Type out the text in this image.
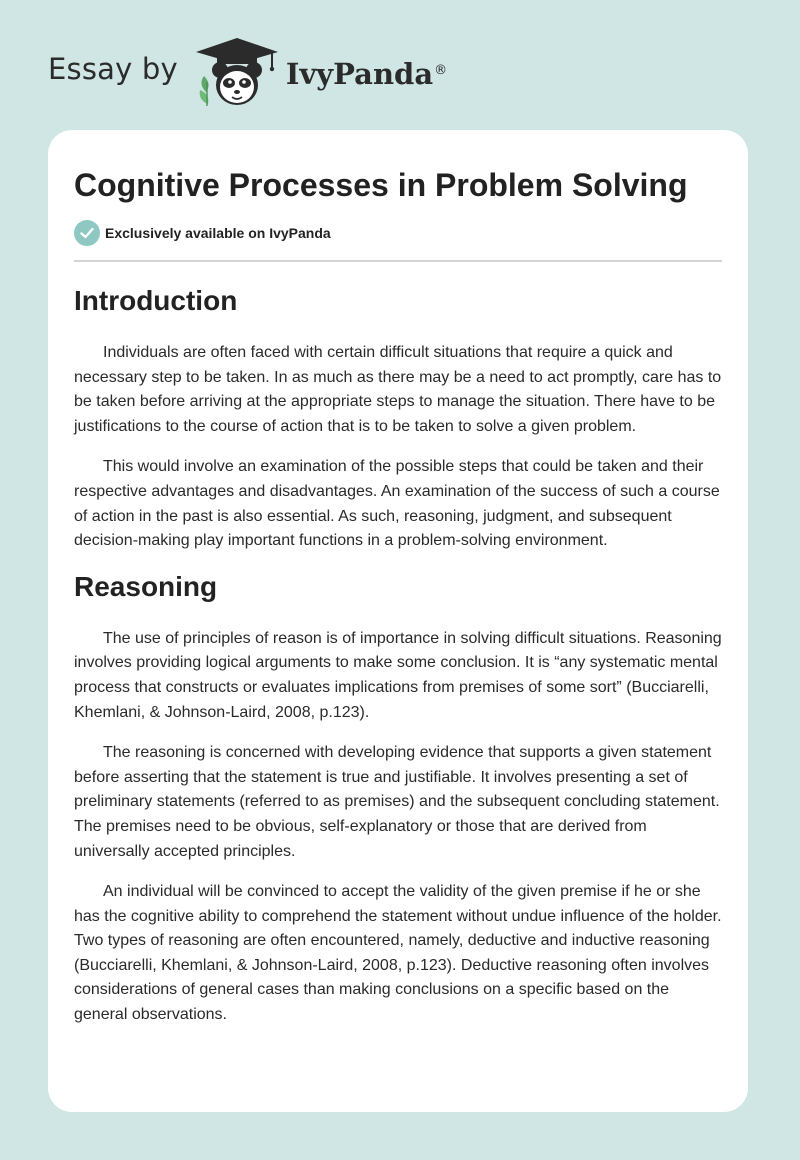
Essay by	IvyPanda ®
Cognitive Processes in Problem Solving
Exclusively available on IvyPanda
Introduction

Individuals are often faced with certain difficult situations that require a quick and necessary step to be taken. In as much as there may be a need to act promptly, care has to be taken before arriving at the appropriate steps to manage the situation. There have to be justifications to the course of action that is to be taken to solve a given problem.

This would involve an examination of the possible steps that could be taken and their respective advantages and disadvantages. An examination of the success of such a course of action in the past is also essential. As such, reasoning, judgment, and subsequent decision-making play important functions in a problem-solving environment.

Reasoning

The use of principles of reason is of importance in solving difficult situations. Reasoning involves providing logical arguments to make some conclusion. It is “any systematic mental process that constructs or evaluates implications from premises of some sort” (Bucciarelli, Khemlani, & Johnson-Laird, 2008, p.123).

The reasoning is concerned with developing evidence that supports a given statement before asserting that the statement is true and justifiable. It involves presenting a set of preliminary statements (referred to as premises) and the subsequent concluding statement. The premises need to be obvious, self-explanatory or those that are derived from universally accepted principles.

An individual will be convinced to accept the validity of the given premise if he or she has the cognitive ability to comprehend the statement without undue influence of the holder. Two types of reasoning are often encountered, namely, deductive and inductive reasoning (Bucciarelli, Khemlani, & Johnson-Laird, 2008, p.123). Deductive reasoning often involves considerations of general cases than making conclusions on a specific based on the general observations.
